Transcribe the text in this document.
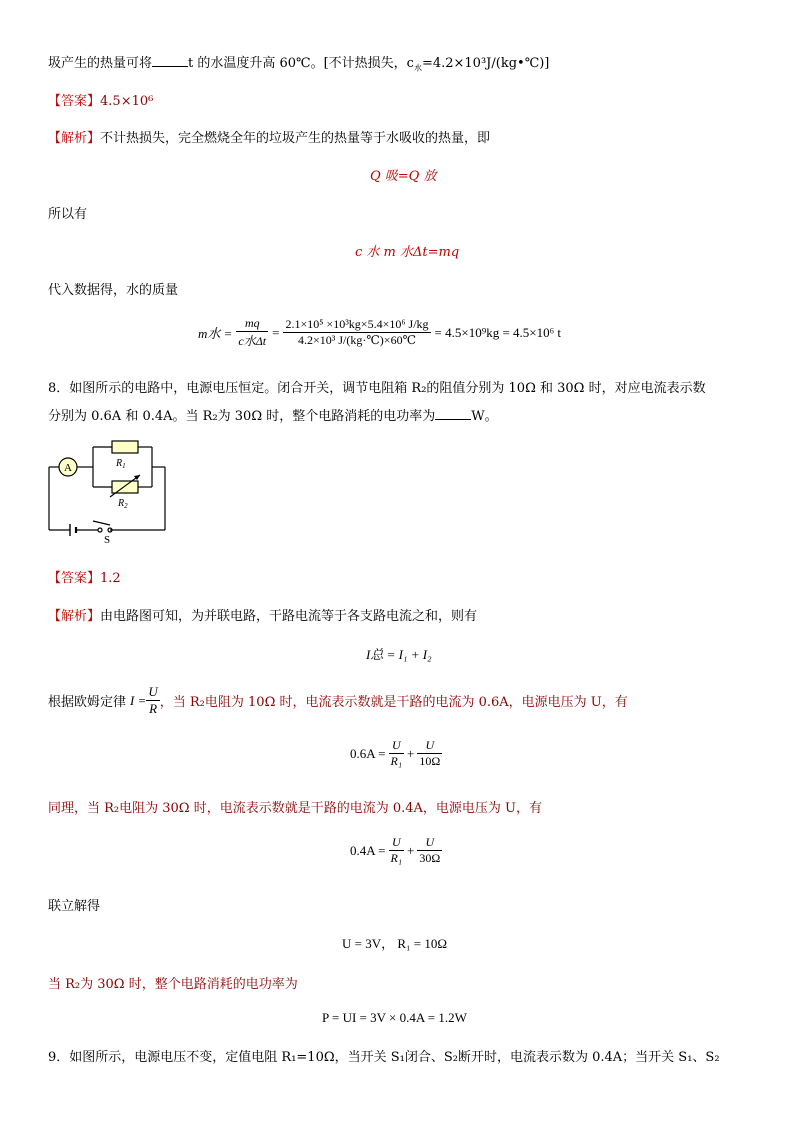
圾产生的热量可将	t 的水温度升高 60℃。[不计热损失，$c_水=4.2\times 10^3J/(kg•℃)$]
【答案】4.5×10⁶
【解析】不计热损失，完全燃烧全年的垃圾产生的热量等于水吸收的热量，即
Q 吸=Q 放
所以有
c 水 m 水Δt=mq
代入数据得，水的质量
m水 = $\frac{mq}{\text{c水Δt}} = \frac{\text{2.1×10⁵ ×10³kg×5.4×10⁶ J/kg}}{\text{4.2×10³ J/(kg·℃)×60℃}} = 4.5\times 10^9kg = 4.5\times 10^6$ t
8．如图所示的电路中，电源电压恒定。闭合开关，调节电阻箱 R₂的阻值分别为 10Ω 和 30Ω 时，对应电流表示数
分别为 0.6A 和 0.4A。当 R₂为 30Ω 时，整个电路消耗的电功率为	W。
A	$R_1$
$R_2$
S
【答案】1.2
【解析】由电路图可知，为并联电路，干路电流等于各支路电流之和，则有
I总 = I₁ + I₂
根据欧姆定律 $I = \frac{U}{R}$ ，当 R₂电阻为 10Ω 时，电流表示数就是干路的电流为 0.6A，电源电压为 U，有
$0.6A = \frac{U}{\text{R₁}} + \frac{U}{10\Omega}$
同理，当 R₂电阻为 30Ω 时，电流表示数就是干路的电流为 0.4A，电源电压为 U，有
$0.4A = \frac{U}{\text{R₁}} + \frac{U}{30\Omega}$
联立解得
U = 3V， R₁ = 10Ω
当 R₂为 30Ω 时，整个电路消耗的电功率为
P = UI = 3V × 0.4A = 1.2W
9．如图所示，电源电压不变，定值电阻 R₁=10Ω，当开关 S₁闭合、S₂断开时，电流表示数为 0.4A；当开关 S₁、S₂
